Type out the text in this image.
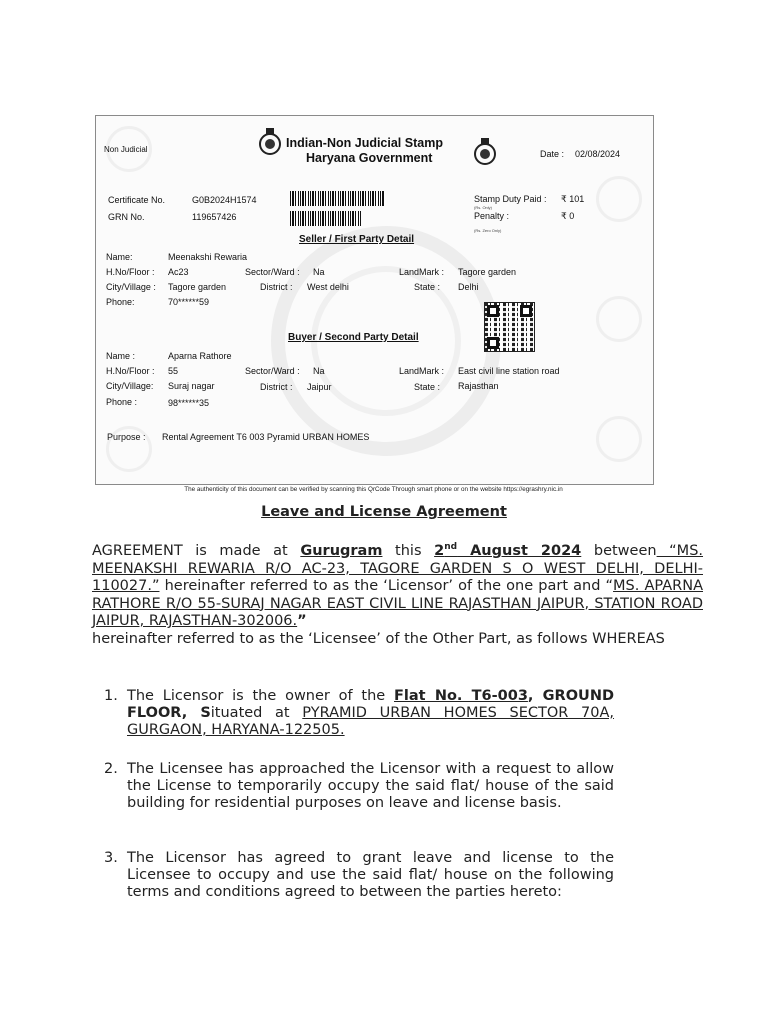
Non Judicial	Indian-Non Judicial Stamp
Haryana Government	Date : 02/08/2024
Certificate No.	G0B2024H1574
GRN No.	119657426
Stamp Duty Paid : ₹ 101
(Rs. Only)
Penalty :	₹ 0
(Rs. Zero Only)
Seller / First Party Detail
Name:	Meenakshi Rewaria
H.No/Floor : Ac23	Sector/Ward : Na	LandMark : Tagore garden
City/Village : Tagore garden	District : West delhi	State : Delhi
Phone:	70******59
Buyer / Second Party Detail
Name :	Aparna Rathore
H.No/Floor : 55	Sector/Ward : Na	LandMark : East civil line station road
City/Village: Suraj nagar	District : Jaipur	State : Rajasthan
Phone :	98******35
Purpose : Rental Agreement T6 003 Pyramid URBAN HOMES
The authenticity of this document can be verified by scanning this QrCode Through smart phone or on the website https://egrashry.nic.in
Leave and License Agreement
AGREEMENT is made at Gurugram this 2nd August 2024 between “MS. MEENAKSHI REWARIA R/O AC-23, TAGORE GARDEN S O WEST DELHI, DELHI-110027.” hereinafter referred to as the ‘Licensor’ of the one part and “MS. APARNA RATHORE R/O 55-SURAJ NAGAR EAST CIVIL LINE RAJASTHAN JAIPUR, STATION ROAD JAIPUR, RAJASTHAN-302006.”
hereinafter referred to as the ‘Licensee’ of the Other Part, as follows WHEREAS
1. The Licensor is the owner of the Flat No. T6-003, GROUND FLOOR, Situated at PYRAMID URBAN HOMES SECTOR 70A, GURGAON, HARYANA-122505.
2. The Licensee has approached the Licensor with a request to allow the License to temporarily occupy the said flat/ house of the said building for residential purposes on leave and license basis.
3. The Licensor has agreed to grant leave and license to the Licensee to occupy and use the said flat/ house on the following terms and conditions agreed to between the parties hereto:
